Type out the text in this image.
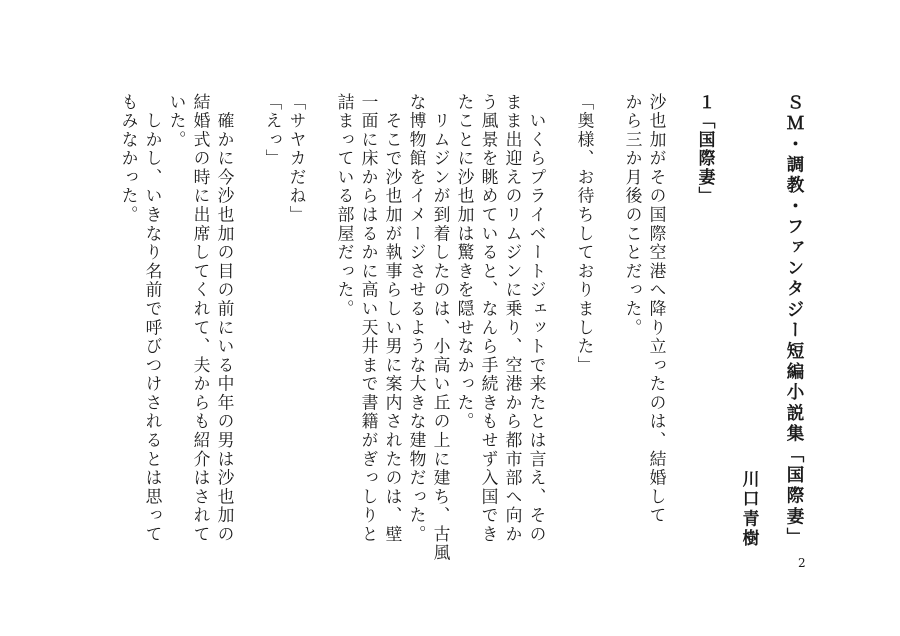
ＳＭ・調教・ファンタジー短編小説集「国際妻」
川口青樹
１「国際妻」
沙也加がその国際空港へ降り立ったのは、結婚して
から三か月後のことだった。
「奥様、お待ちしておりました」
　いくらプライベートジェットで来たとは言え、その
まま出迎えのリムジンに乗り、空港から都市部へ向か
う風景を眺めていると、なんら手続きもせず入国でき
たことに沙也加は驚きを隠せなかった。
　リムジンが到着したのは、小高い丘の上に建ち、古風
な博物館をイメージさせるような大きな建物だった。
　そこで沙也加が執事らしい男に案内されたのは、壁
一面に床からはるかに高い天井まで書籍がぎっしりと
詰まっている部屋だった。
「サヤカだね」
「えっ」
　確かに今沙也加の目の前にいる中年の男は沙也加の
結婚式の時に出席してくれて、夫からも紹介はされて
いた。
　しかし、いきなり名前で呼びつけされるとは思って
もみなかった。
2
